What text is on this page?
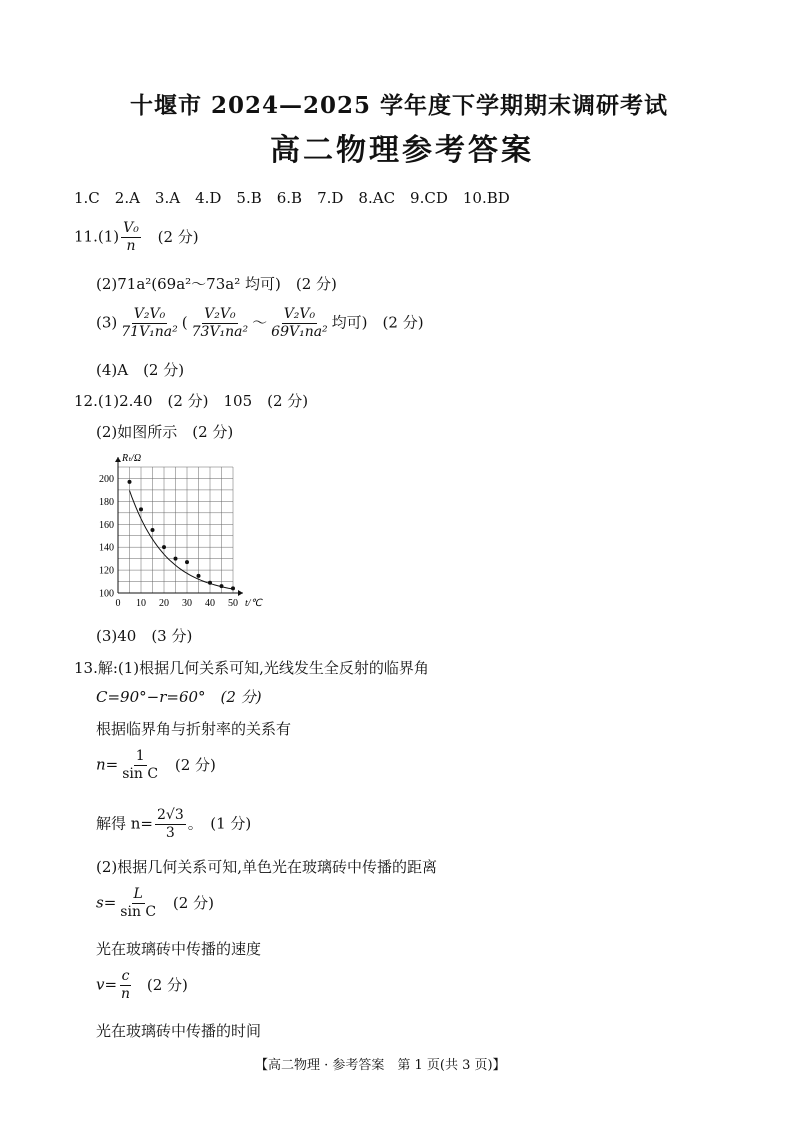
十堰市 2024—2025 学年度下学期期末调研考试
高二物理参考答案
1.C　2.A　3.A　4.D　5.B　6.B　7.D　8.AC　9.CD　10.BD
$11.(1) \frac{\text{V₀}}{n} (2$ 分)
(2)71a²(69a²～73a² 均可)　(2 分)
$(3) \frac{\text{V₂V₀}}{\text{71V₁na²}}$ ( $\frac{\text{V₂V₀}}{\text{73V₁na²}}$ ～ $\frac{\text{V₂V₀}}{\text{69V₁na²}}$ 均可)　(2 分)
(4)A　(2 分)
12.(1)2.40　(2 分)　105　(2 分)
(2)如图所示　(2 分)
0 10 20 30 40 50
100
120
140
160
180
200
t/℃
Rₜ/Ω
(3)40　(3 分)
13.解:(1)根据几何关系可知,光线发生全反射的临界角
C=90°−r=60°　(2 分)
根据临界角与折射率的关系有
$n= \frac{1}{\text{sin C}} (2$ 分)
解得 $n= \frac{2√3}{3}$ 。　(1 分)
(2)根据几何关系可知,单色光在玻璃砖中传播的距离
$s= \frac{L}{\text{sin C}} (2$ 分)
光在玻璃砖中传播的速度
$v= \frac{c}{n} (2$ 分)
光在玻璃砖中传播的时间
【高二物理 · 参考答案　第 1 页(共 3 页)】
